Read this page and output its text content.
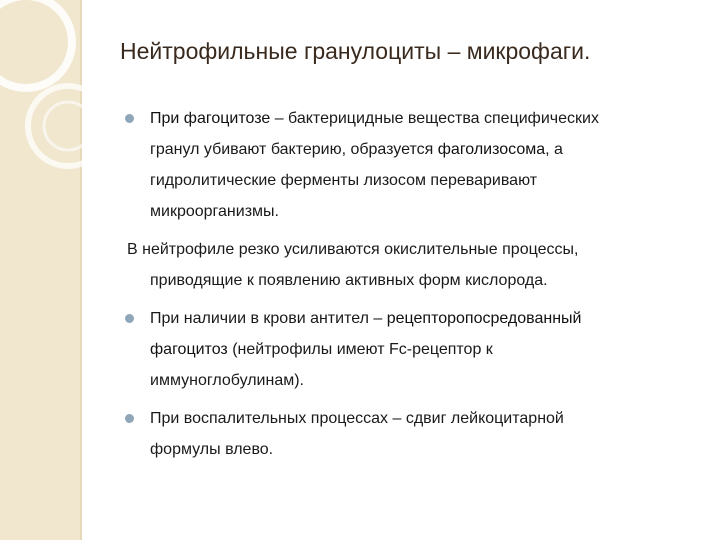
Нейтрофильные гранулоциты – микрофаги.
При фагоцитозе – бактерицидные вещества специфических
гранул убивают бактерию, образуется фаголизосома, а
гидролитические ферменты лизосом переваривают
микроорганизмы.
В нейтрофиле резко усиливаются окислительные процессы,
приводящие к появлению активных форм кислорода.
При наличии в крови антител – рецепторопосредованный
фагоцитоз (нейтрофилы имеют Fc-рецептор к
иммуноглобулинам).
При воспалительных процессах – сдвиг лейкоцитарной
формулы влево.
